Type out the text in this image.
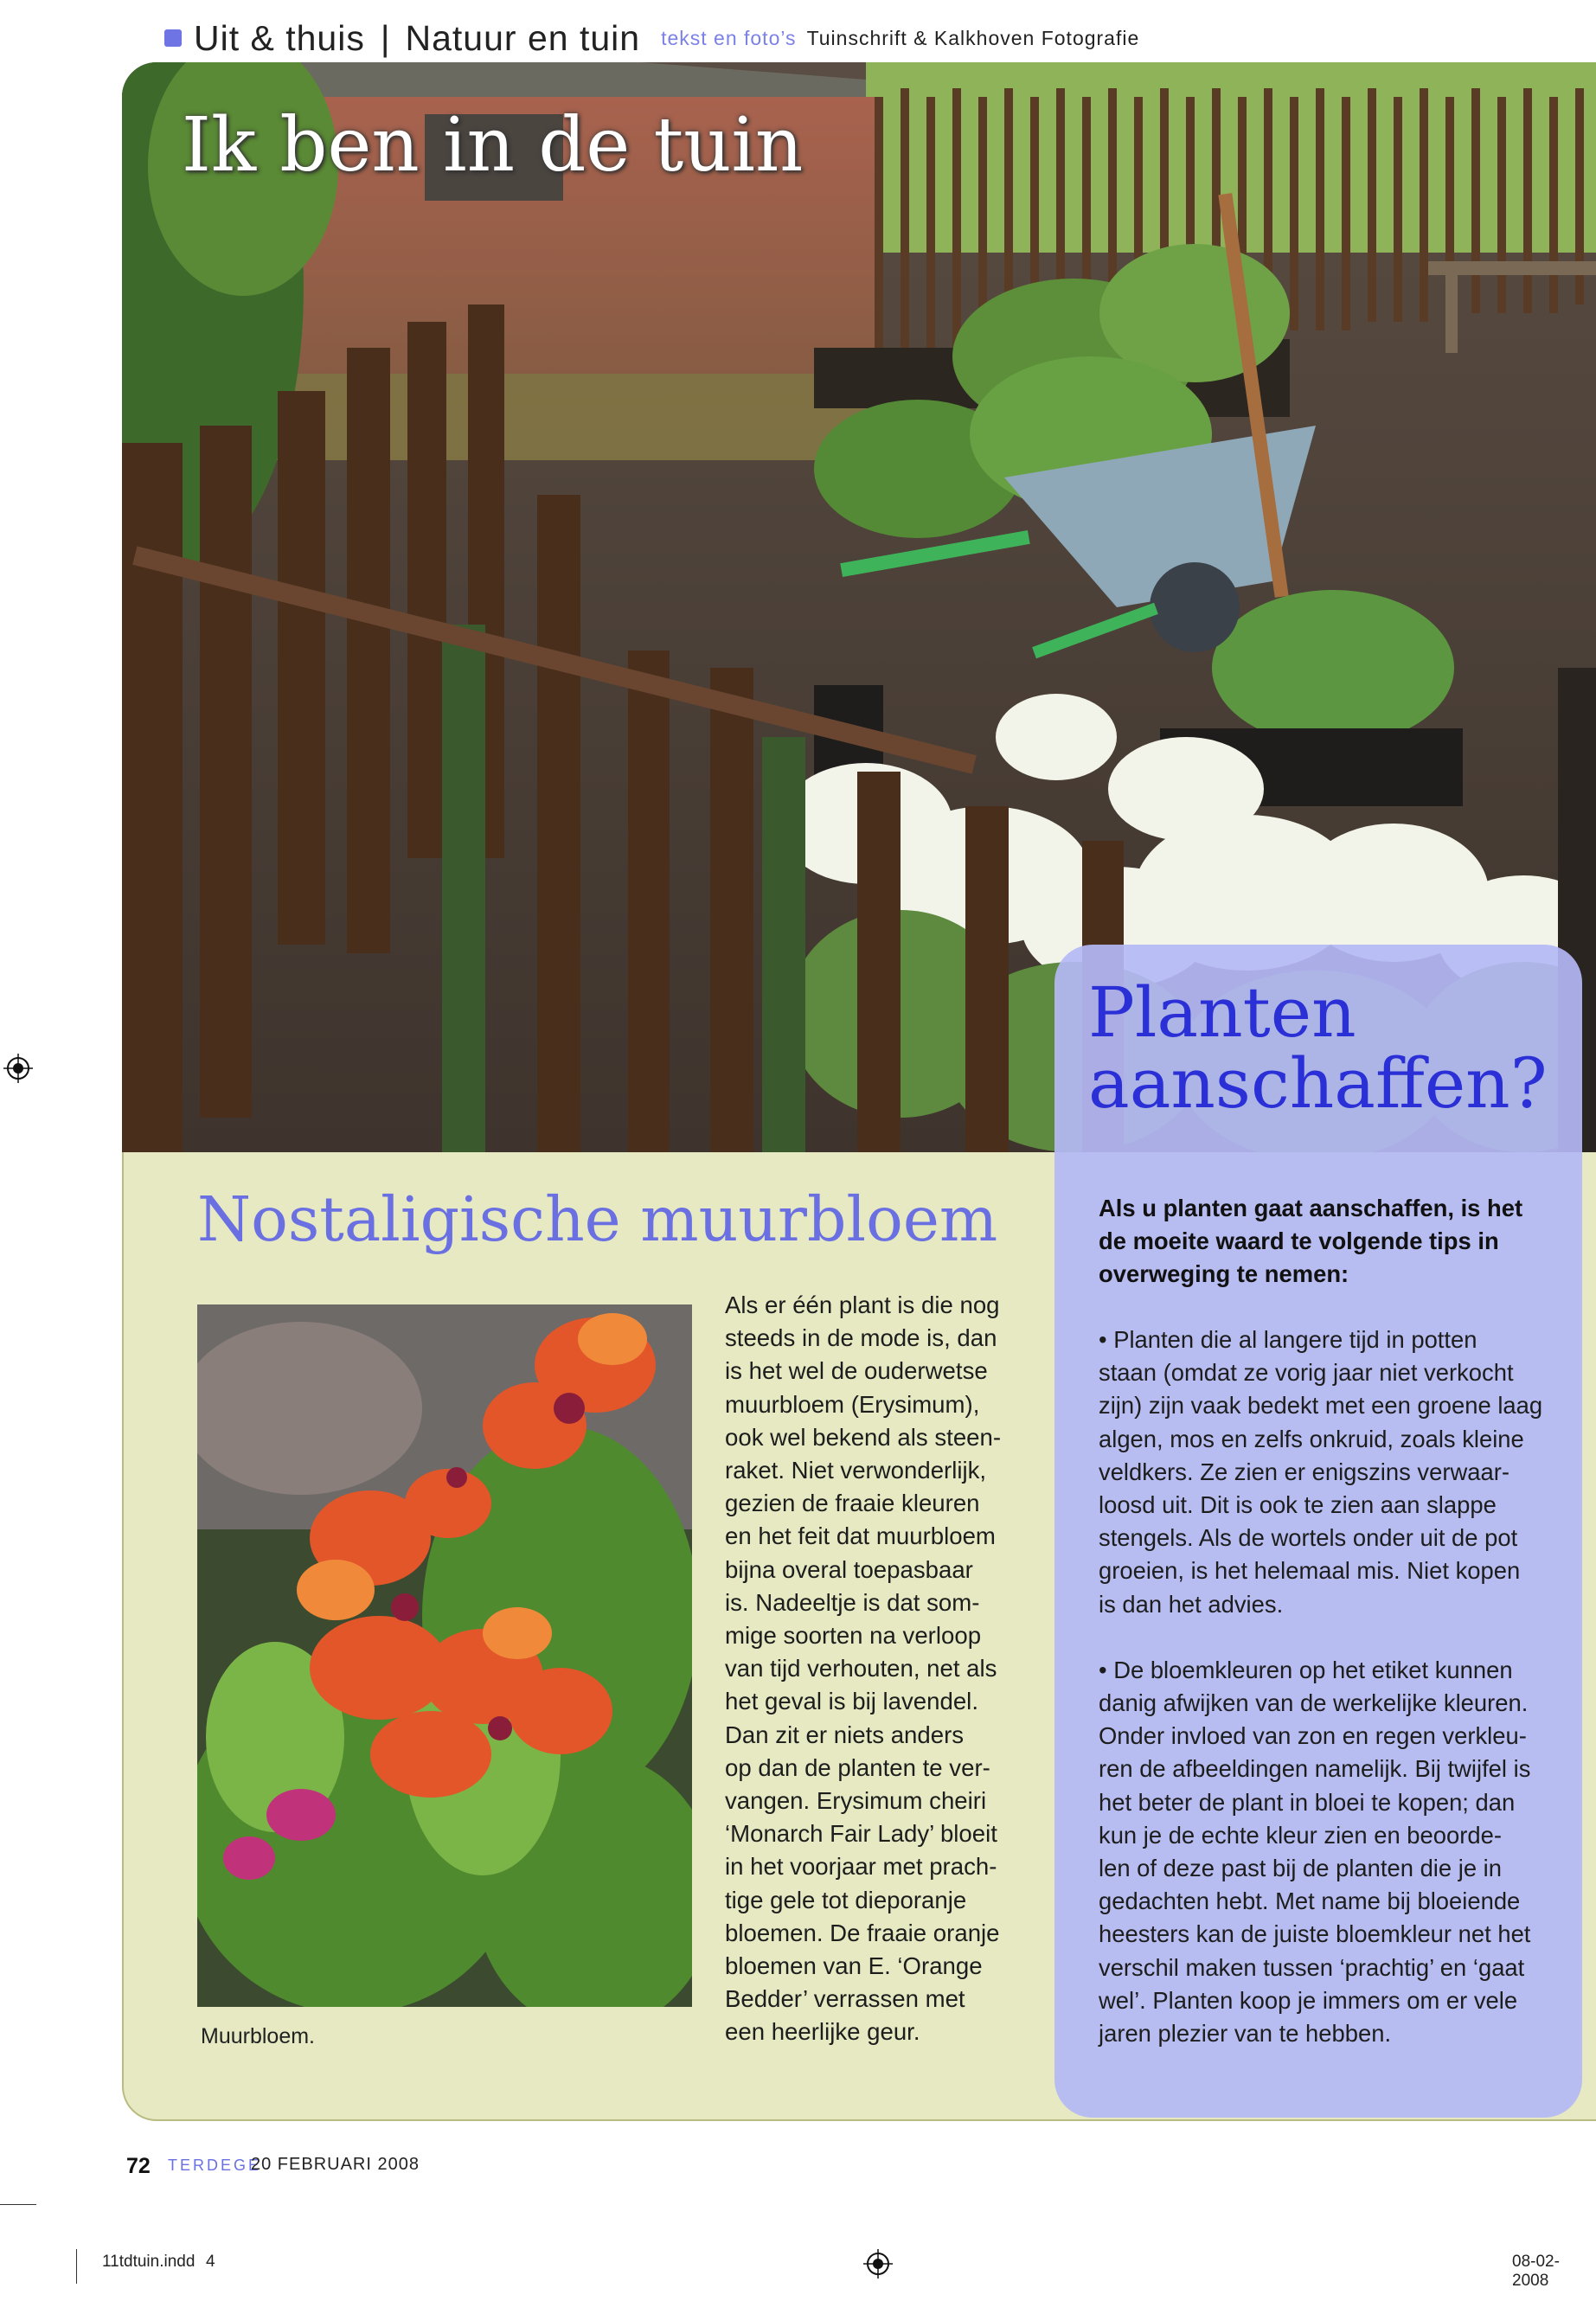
Uit & thuis | Natuur en tuin tekst en foto’s Tuinschrift & Kalkhoven Fotografie
Ik ben in de tuin
Nostaligische muurbloem
Muurbloem.
Als er één plant is die nog
steeds in de mode is, dan
is het wel de ouderwetse
muurbloem (Erysimum),
ook wel bekend als steen-
raket. Niet verwonderlijk,
gezien de fraaie kleuren
en het feit dat muurbloem
bijna overal toepasbaar
is. Nadeeltje is dat som-
mige soorten na verloop
van tijd verhouten, net als
het geval is bij lavendel.
Dan zit er niets anders
op dan de planten te ver-
vangen. Erysimum cheiri
‘Monarch Fair Lady’ bloeit
in het voorjaar met prach-
tige gele tot dieporanje
bloemen. De fraaie oranje
bloemen van E. ‘Orange
Bedder’ verrassen met
een heerlijke geur.
Planten
aanschaffen?
Als u planten gaat aanschaffen, is het
de moeite waard te volgende tips in
overweging te nemen:
• Planten die al langere tijd in potten
staan (omdat ze vorig jaar niet verkocht
zijn) zijn vaak bedekt met een groene laag
algen, mos en zelfs onkruid, zoals kleine
veldkers. Ze zien er enigszins verwaar-
loosd uit. Dit is ook te zien aan slappe
stengels. Als de wortels onder uit de pot
groeien, is het helemaal mis. Niet kopen
is dan het advies.
• De bloemkleuren op het etiket kunnen
danig afwijken van de werkelijke kleuren.
Onder invloed van zon en regen verkleu-
ren de afbeeldingen namelijk. Bij twijfel is
het beter de plant in bloei te kopen; dan
kun je de echte kleur zien en beoorde-
len of deze past bij de planten die je in
gedachten hebt. Met name bij bloeiende
heesters kan de juiste bloemkleur net het
verschil maken tussen ‘prachtig’ en ‘gaat
wel’. Planten koop je immers om er vele
jaren plezier van te hebben.
72 TERDEGE
20 FEBRUARI 2008
11tdtuin.indd 4	08-02-2008
